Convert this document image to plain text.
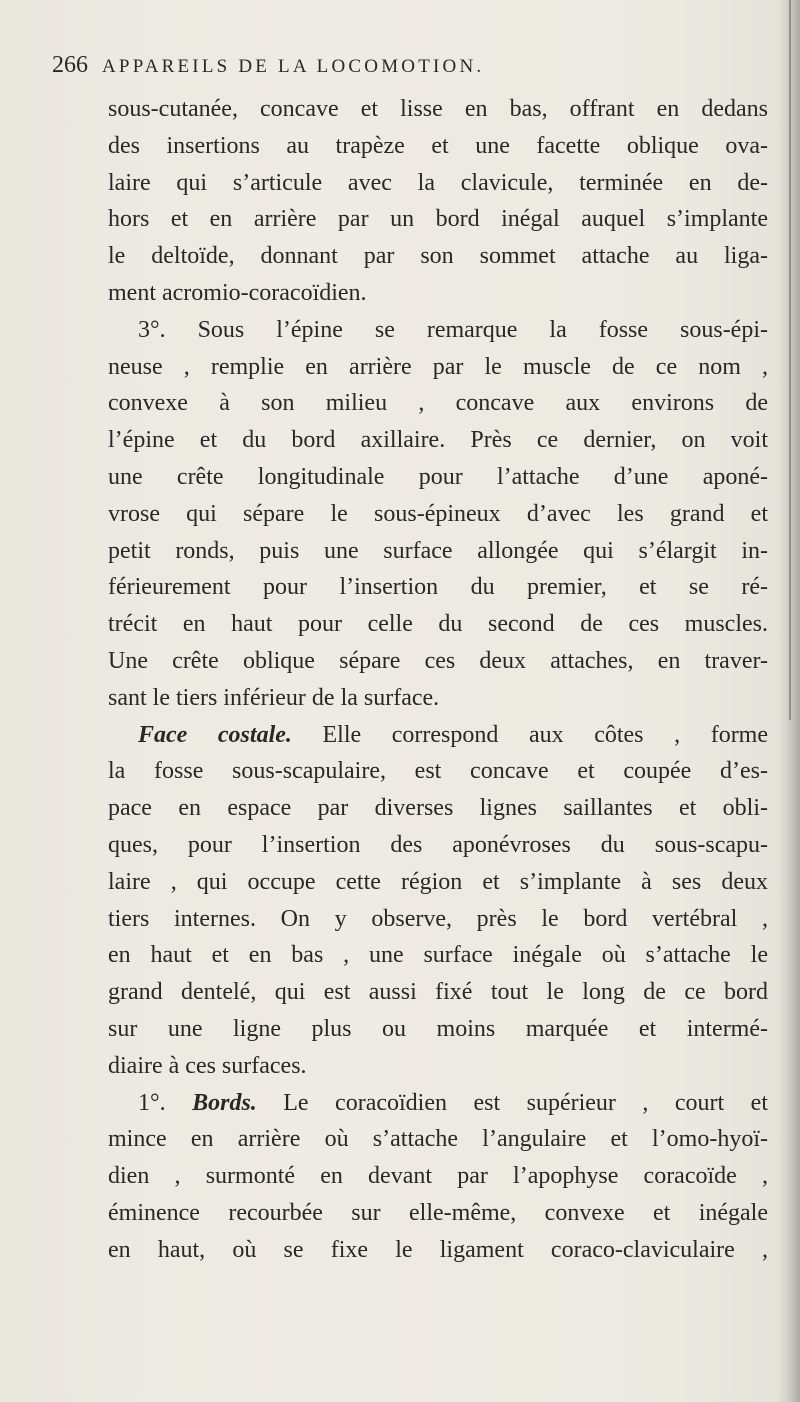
266 APPAREILS DE LA LOCOMOTION.
sous-cutanée, concave et lisse en bas, offrant en dedans
des insertions au trapèze et une facette oblique ova-
laire qui s’articule avec la clavicule, terminée en de-
hors et en arrière par un bord inégal auquel s’implante
le deltoïde, donnant par son sommet attache au liga-
ment acromio-coracoïdien.
3°. Sous l’épine se remarque la fosse sous-épi-
neuse , remplie en arrière par le muscle de ce nom ,
convexe à son milieu , concave aux environs de
l’épine et du bord axillaire. Près ce dernier, on voit
une crête longitudinale pour l’attache d’une aponé-
vrose qui sépare le sous-épineux d’avec les grand et
petit ronds, puis une surface allongée qui s’élargit in-
férieurement pour l’insertion du premier, et se ré-
trécit en haut pour celle du second de ces muscles.
Une crête oblique sépare ces deux attaches, en traver-
sant le tiers inférieur de la surface.
Face costale. Elle correspond aux côtes , forme
la fosse sous-scapulaire, est concave et coupée d’es-
pace en espace par diverses lignes saillantes et obli-
ques, pour l’insertion des aponévroses du sous-scapu-
laire , qui occupe cette région et s’implante à ses deux
tiers internes. On y observe, près le bord vertébral ,
en haut et en bas , une surface inégale où s’attache le
grand dentelé, qui est aussi fixé tout le long de ce bord
sur une ligne plus ou moins marquée et intermé-
diaire à ces surfaces.
1°. Bords. Le coracoïdien est supérieur , court et
mince en arrière où s’attache l’angulaire et l’omo-hyoï-
dien , surmonté en devant par l’apophyse coracoïde ,
éminence recourbée sur elle-même, convexe et inégale
en haut, où se fixe le ligament coraco-claviculaire ,
